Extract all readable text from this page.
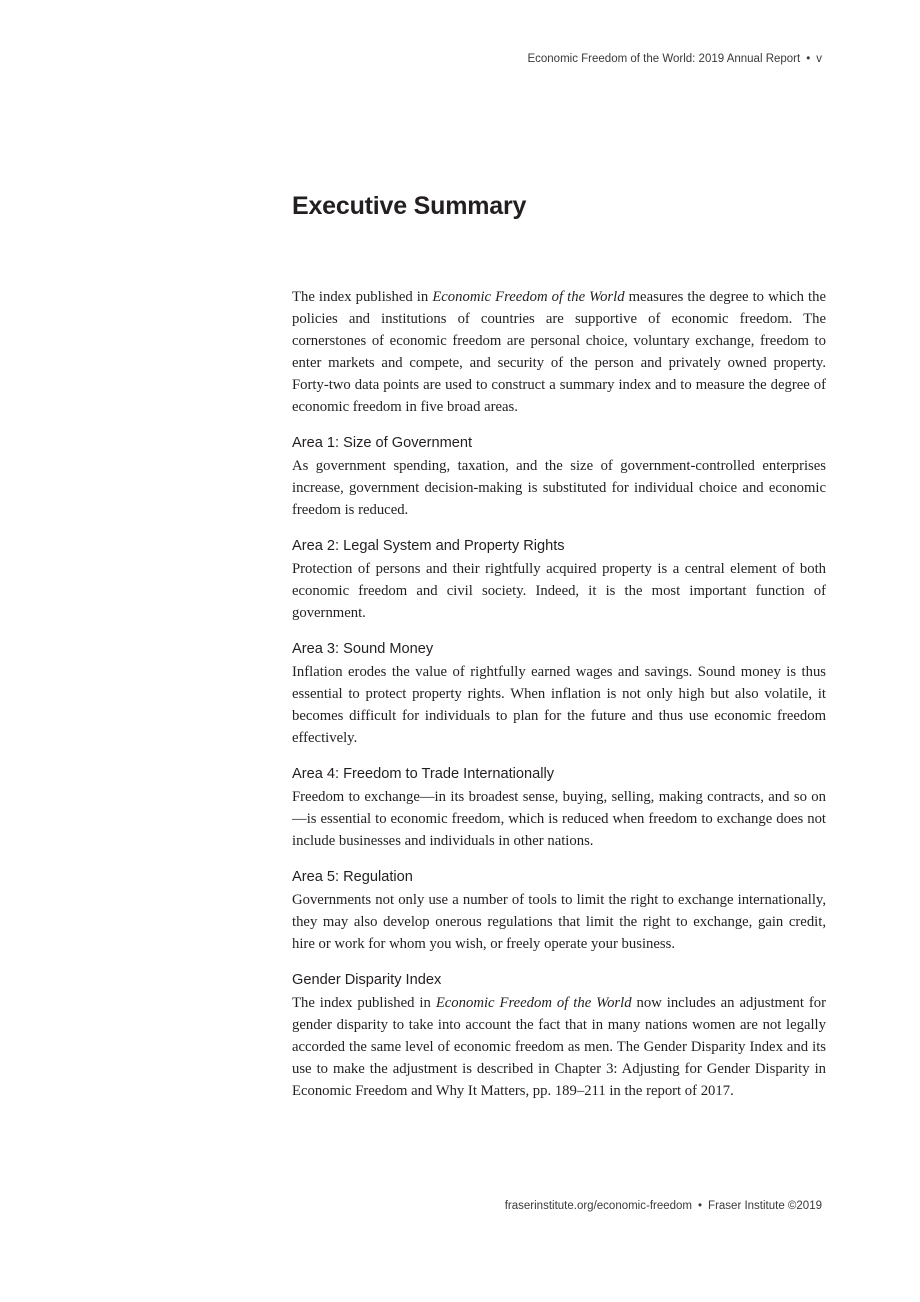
Economic Freedom of the World: 2019 Annual Report • v
Executive Summary

The index published in Economic Freedom of the World measures the degree to which the policies and institutions of countries are supportive of economic freedom. The cornerstones of economic freedom are personal choice, voluntary exchange, freedom to enter markets and compete, and security of the person and privately owned property. Forty-two data points are used to construct a summary index and to measure the degree of economic freedom in five broad areas.

Area 1: Size of Government

As government spending, taxation, and the size of government-controlled enterprises increase, government decision-making is substituted for individual choice and economic freedom is reduced.

Area 2: Legal System and Property Rights

Protection of persons and their rightfully acquired property is a central element of both economic freedom and civil society. Indeed, it is the most important function of government.

Area 3: Sound Money

Inflation erodes the value of rightfully earned wages and savings. Sound money is thus essential to protect property rights. When inflation is not only high but also volatile, it becomes difficult for individuals to plan for the future and thus use economic freedom effectively.

Area 4: Freedom to Trade Internationally

Freedom to exchange—in its broadest sense, buying, selling, making contracts, and so on—is essential to economic freedom, which is reduced when freedom to exchange does not include businesses and individuals in other nations.

Area 5: Regulation

Governments not only use a number of tools to limit the right to exchange internationally, they may also develop onerous regulations that limit the right to exchange, gain credit, hire or work for whom you wish, or freely operate your business.

Gender Disparity Index

The index published in Economic Freedom of the World now includes an adjustment for gender disparity to take into account the fact that in many nations women are not legally accorded the same level of economic freedom as men. The Gender Disparity Index and its use to make the adjustment is described in Chapter 3: Adjusting for Gender Disparity in Economic Freedom and Why It Matters, pp. 189–211 in the report of 2017.

fraserinstitute.org/economic-freedom • Fraser Institute ©2019
